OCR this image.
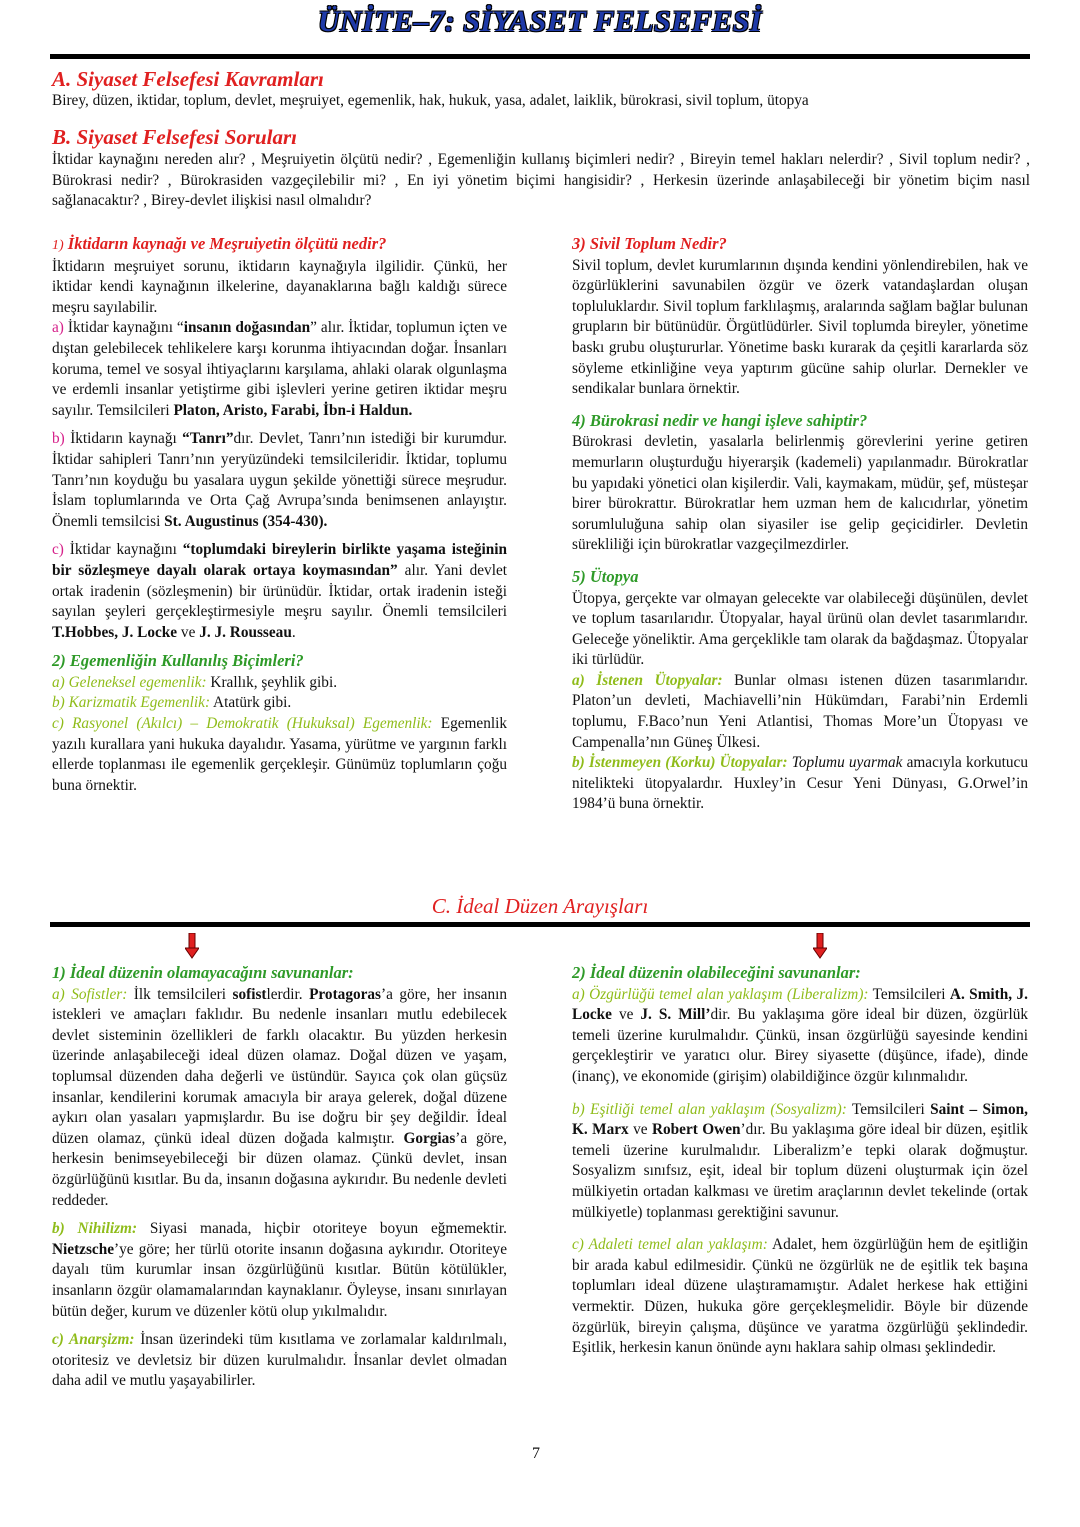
ÜNİTE–7: SİYASET FELSEFESİ
A. Siyaset Felsefesi Kavramları

Birey, düzen, iktidar, toplum, devlet, meşruiyet, egemenlik, hak, hukuk, yasa, adalet, laiklik, bürokrasi, sivil toplum, ütopya

B. Siyaset Felsefesi Soruları

İktidar kaynağını nereden alır? , Meşruiyetin ölçütü nedir? , Egemenliğin kullanış biçimleri nedir? , Bireyin temel hakları nelerdir? , Sivil toplum nedir? , Bürokrasi nedir? , Bürokrasiden vazgeçilebilir mi? , En iyi yönetim biçimi hangisidir? , Herkesin üzerinde anlaşabileceği bir yönetim biçim nasıl sağlanacaktır? , Birey-devlet ilişkisi nasıl olmalıdır?

1) İktidarın kaynağı ve Meşruiyetin ölçütü nedir?

İktidarın meşruiyet sorunu, iktidarın kaynağıyla ilgilidir. Çünkü, her iktidar kendi kaynağının ilkelerine, dayanaklarına bağlı kaldığı sürece meşru sayılabilir.

a) İktidar kaynağını “insanın doğasından” alır. İktidar, toplumun içten ve dıştan gelebilecek tehlikelere karşı korunma ihtiyacından doğar. İnsanları koruma, temel ve sosyal ihtiyaçlarını karşılama, ahlaki olarak olgunlaşma ve erdemli insanlar yetiştirme gibi işlevleri yerine getiren iktidar meşru sayılır. Temsilcileri Platon, Aristo, Farabi, İbn-i Haldun.

b) İktidarın kaynağı “Tanrı”dır. Devlet, Tanrı’nın istediği bir kurumdur. İktidar sahipleri Tanrı’nın yeryüzündeki temsilcileridir. İktidar, toplumu Tanrı’nın koyduğu bu yasalara uygun şekilde yönettiği sürece meşrudur. İslam toplumlarında ve Orta Çağ Avrupa’sında benimsenen anlayıştır. Önemli temsilcisi St. Augustinus (354-430).

c) İktidar kaynağını “toplumdaki bireylerin birlikte yaşama isteğinin bir sözleşmeye dayalı olarak ortaya koymasından” alır. Yani devlet ortak iradenin (sözleşmenin) bir ürünüdür. İktidar, ortak iradenin isteği sayılan şeyleri gerçekleştirmesiyle meşru sayılır. Önemli temsilcileri T.Hobbes, J. Locke ve J. J. Rousseau.

2) Egemenliğin Kullanılış Biçimleri?

a) Geleneksel egemenlik: Krallık, şeyhlik gibi.

b) Karizmatik Egemenlik: Atatürk gibi.

c) Rasyonel (Akılcı) – Demokratik (Hukuksal) Egemenlik: Egemenlik yazılı kurallara yani hukuka dayalıdır. Yasama, yürütme ve yargının farklı ellerde toplanması ile egemenlik gerçekleşir. Günümüz toplumların çoğu buna örnektir.

3) Sivil Toplum Nedir?

Sivil toplum, devlet kurumlarının dışında kendini yönlendirebilen, hak ve özgürlüklerini savunabilen özgür ve özerk vatandaşlardan oluşan topluluklardır. Sivil toplum farklılaşmış, aralarında sağlam bağlar bulunan grupların bir bütünüdür. Örgütlüdürler. Sivil toplumda bireyler, yönetime baskı grubu oluştururlar. Yönetime baskı kurarak da çeşitli kararlarda söz söyleme etkinliğine veya yaptırım gücüne sahip olurlar. Dernekler ve sendikalar bunlara örnektir.

4) Bürokrasi nedir ve hangi işleve sahiptir?

Bürokrasi devletin, yasalarla belirlenmiş görevlerini yerine getiren memurların oluşturduğu hiyerarşik (kademeli) yapılanmadır. Bürokratlar bu yapıdaki yönetici olan kişilerdir. Vali, kaymakam, müdür, şef, müsteşar birer bürokrattır. Bürokratlar hem uzman hem de kalıcıdırlar, yönetim sorumluluğuna sahip olan siyasiler ise gelip geçicidirler. Devletin sürekliliği için bürokratlar vazgeçilmezdirler.

5) Ütopya

Ütopya, gerçekte var olmayan gelecekte var olabileceği düşünülen, devlet ve toplum tasarılarıdır. Ütopyalar, hayal ürünü olan devlet tasarımlarıdır. Geleceğe yöneliktir. Ama gerçeklikle tam olarak da bağdaşmaz. Ütopyalar iki türlüdür.

a) İstenen Ütopyalar: Bunlar olması istenen düzen tasarımlarıdır. Platon’un devleti, Machiavelli’nin Hükümdarı, Farabi’nin Erdemli toplumu, F.Baco’nun Yeni Atlantisi, Thomas More’un Ütopyası ve Campenalla’nın Güneş Ülkesi.

b) İstenmeyen (Korku) Ütopyalar: Toplumu uyarmak amacıyla korkutucu nitelikteki ütopyalardır. Huxley’in Cesur Yeni Dünyası, G.Orwel’in 1984’ü buna örnektir.

C. İdeal Düzen Arayışları

1) İdeal düzenin olamayacağını savunanlar:

a) Sofistler: İlk temsilcileri sofistlerdir. Protagoras’a göre, her insanın istekleri ve amaçları faklıdır. Bu nedenle insanları mutlu edebilecek devlet sisteminin özellikleri de farklı olacaktır. Bu yüzden herkesin üzerinde anlaşabileceği ideal düzen olamaz. Doğal düzen ve yaşam, toplumsal düzenden daha değerli ve üstündür. Sayıca çok olan güçsüz insanlar, kendilerini korumak amacıyla bir araya gelerek, doğal düzene aykırı olan yasaları yapmışlardır. Bu ise doğru bir şey değildir. İdeal düzen olamaz, çünkü ideal düzen doğada kalmıştır. Gorgias’a göre, herkesin benimseyebileceği bir düzen olamaz. Çünkü devlet, insan özgürlüğünü kısıtlar. Bu da, insanın doğasına aykırıdır. Bu nedenle devleti reddeder.

b) Nihilizm: Siyasi manada, hiçbir otoriteye boyun eğmemektir. Nietzsche’ye göre; her türlü otorite insanın doğasına aykırıdır. Otoriteye dayalı tüm kurumlar insan özgürlüğünü kısıtlar. Bütün kötülükler, insanların özgür olamamalarından kaynaklanır. Öyleyse, insanı sınırlayan bütün değer, kurum ve düzenler kötü olup yıkılmalıdır.

c) Anarşizm: İnsan üzerindeki tüm kısıtlama ve zorlamalar kaldırılmalı, otoritesiz ve devletsiz bir düzen kurulmalıdır. İnsanlar devlet olmadan daha adil ve mutlu yaşayabilirler.

2) İdeal düzenin olabileceğini savunanlar:

a) Özgürlüğü temel alan yaklaşım (Liberalizm): Temsilcileri A. Smith, J. Locke ve J. S. Mill’dir. Bu yaklaşıma göre ideal bir düzen, özgürlük temeli üzerine kurulmalıdır. Çünkü, insan özgürlüğü sayesinde kendini gerçekleştirir ve yaratıcı olur. Birey siyasette (düşünce, ifade), dinde (inanç), ve ekonomide (girişim) olabildiğince özgür kılınmalıdır.

b) Eşitliği temel alan yaklaşım (Sosyalizm): Temsilcileri Saint – Simon, K. Marx ve Robert Owen’dır. Bu yaklaşıma göre ideal bir düzen, eşitlik temeli üzerine kurulmalıdır. Liberalizm’e tepki olarak doğmuştur. Sosyalizm sınıfsız, eşit, ideal bir toplum düzeni oluşturmak için özel mülkiyetin ortadan kalkması ve üretim araçlarının devlet tekelinde (ortak mülkiyetle) toplanması gerektiğini savunur.

c) Adaleti temel alan yaklaşım: Adalet, hem özgürlüğün hem de eşitliğin bir arada kabul edilmesidir. Çünkü ne özgürlük ne de eşitlik tek başına toplumları ideal düzene ulaştıramamıştır. Adalet herkese hak ettiğini vermektir. Düzen, hukuka göre gerçekleşmelidir. Böyle bir düzende özgürlük, bireyin çalışma, düşünce ve yaratma özgürlüğü şeklindedir. Eşitlik, herkesin kanun önünde aynı haklara sahip olması şeklindedir.

7
